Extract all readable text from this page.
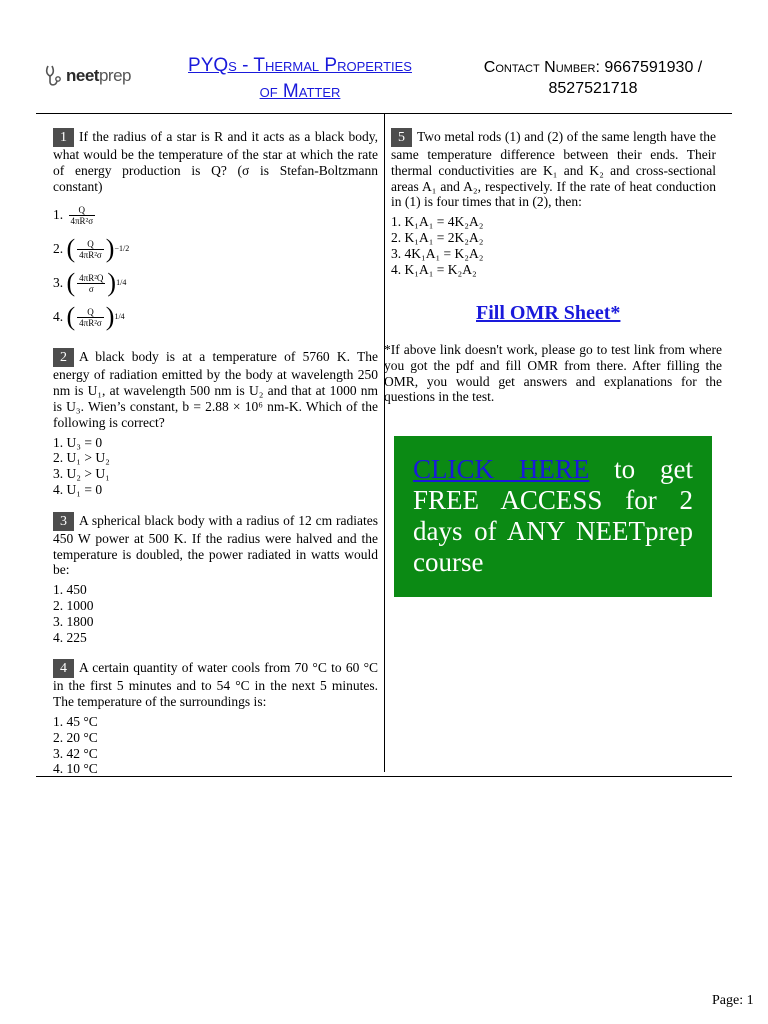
neetprep	PYQs - Thermal Properties
of Matter
Contact Number: 9667591930 /
8527521718

1 If the radius of a star is R and it acts as a black body, what would be the temperature of the star at which the rate of energy production is Q? (σ is Stefan-Boltzmann constant)

1.
$\frac{Q}{\text{4πR²σ}}$
2.
( $\frac{Q}{\text{4πR²σ}}$ ) −1/2
3.
( $\frac{\text{4πR²Q}}{\sigma}$ ) 1/4
4.
( $\frac{Q}{\text{4πR²σ}}$ ) 1/4

2 A black body is at a temperature of 5760 K. The energy of radiation emitted by the body at wavelength 250 nm is U₁, at wavelength 500 nm is U₂ and that at 1000 nm is U₃. Wien’s constant, b = 2.88 × 10⁶ nm-K. Which of the following is correct?

1. U₃ = 0
2. U₁ > U₂
3. U₂ > U₁
4. U₁ = 0

3 A spherical black body with a radius of 12 cm radiates 450 W power at 500 K. If the radius were halved and the temperature is doubled, the power radiated in watts would be:

1. 450
2. 1000
3. 1800
4. 225

4 A certain quantity of water cools from 70 °C to 60 °C in the first 5 minutes and to 54 °C in the next 5 minutes. The temperature of the surroundings is:

1. 45 °C
2. 20 °C
3. 42 °C
4. 10 °C

5 Two metal rods (1) and (2) of the same length have the same temperature difference between their ends. Their thermal conductivities are K₁ and K₂ and cross-sectional areas A₁ and A₂, respectively. If the rate of heat conduction in (1) is four times that in (2), then:

1. K₁A₁ = 4K₂A₂
2. K₁A₁ = 2K₂A₂
3. 4K₁A₁ = K₂A₂
4. K₁A₁ = K₂A₂
Fill OMR Sheet*
*If above link doesn't work, please go to test link from where you got the pdf and fill OMR from there. After filling the OMR, you would get answers and explanations for the questions in the test.
CLICK HERE to get FREE ACCESS for 2 days of ANY NEETprep course
Page: 1
